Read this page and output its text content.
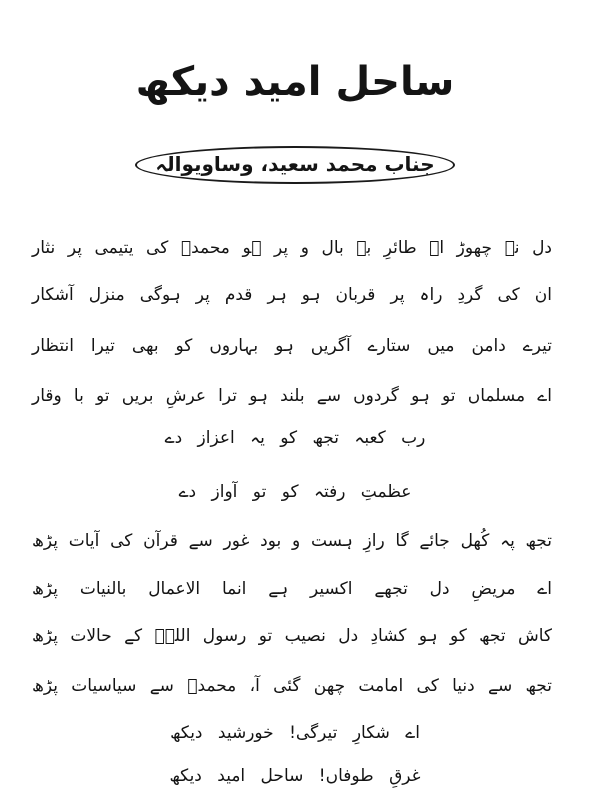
ساحل امید دیکھ
جناب محمد سعید، وساویوالہ
دل نہ چھوڑ اے طائرِ بے بال و پر ہو محمدؐ کی یتیمی پر نثار
ان کی گردِ راہ پر قربان ہو ہر قدم پر ہوگی منزل آشکار
تیرے دامن میں ستارے آگریں ہو بہاروں کو بھی تیرا انتظار
اے مسلماں تو ہو گردوں سے بلند ہو ترا عرشِ بریں تو با وقار
رب کعبہ تجھ کو یہ اعزاز دے
عظمتِ رفتہ کو تو آواز دے
تجھ پہ کُھل جائے گا رازِ ہست و بود غور سے قرآن کی آیات پڑھ
اے مریضِ دل تجھے اکسیر ہے انما الاعمال بالنیات پڑھ
کاش تجھ کو ہو کشادِ دل نصیب تو رسول اللہؐ کے حالات پڑھ
تجھ سے دنیا کی امامت چھن گئی آ، محمدؐ سے سیاسیات پڑھ
اے شکارِ تیرگی! خورشید دیکھ
غرقِ طوفاں! ساحل امید دیکھ
